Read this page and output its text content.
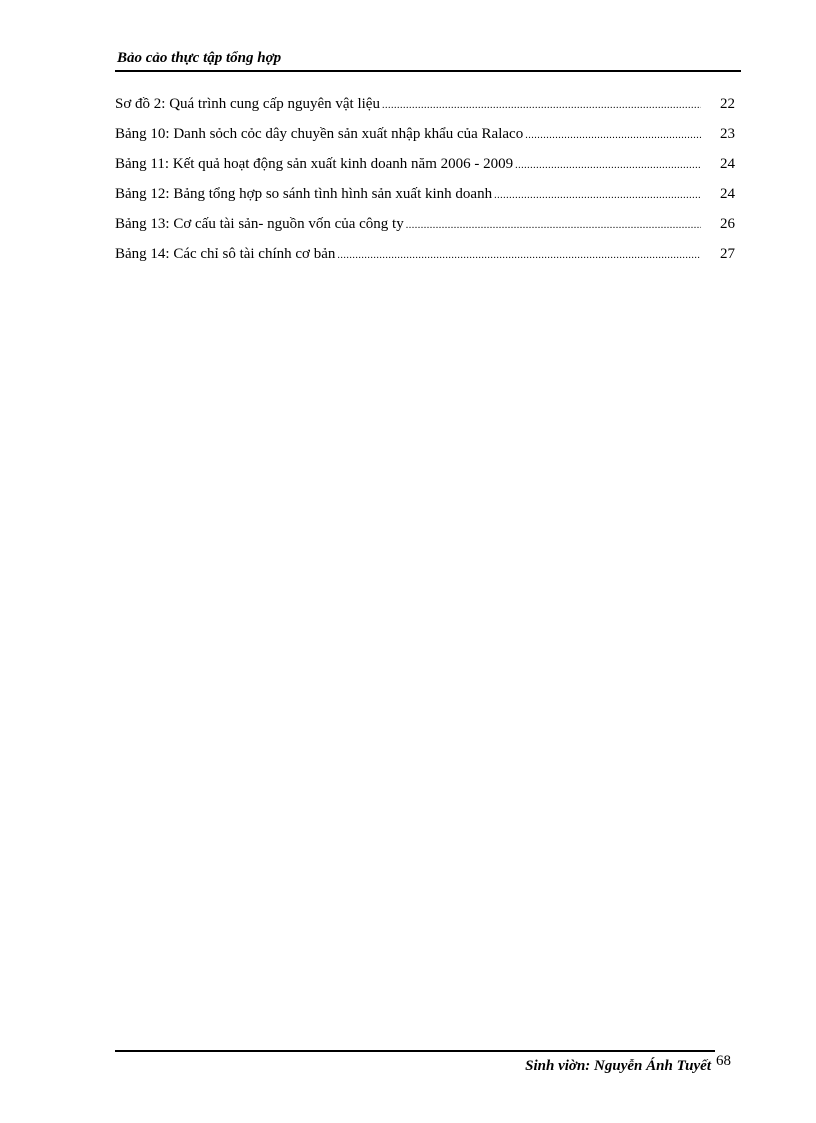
Bảo cảo thực tập tổng hợp
Sơ đồ 2: Quá trình cung cấp nguyên vật liệu .....	22
Bảng 10: Danh sỏch cỏc dây chuyền sản xuất nhập khẩu của Ralaco .....	23
Bảng 11: Kết quả hoạt động sản xuất kinh doanh năm 2006 - 2009 .....	24
Bảng 12: Bảng tổng hợp so sánh tình hình sản xuất kinh doanh .....	24
Bảng 13: Cơ cấu tài sản- nguồn vốn của công ty .....	26
Bảng 14: Các chỉ sô tài chính cơ bản .....	27
Sinh viờn: Nguyễn Ánh Tuyết 68
